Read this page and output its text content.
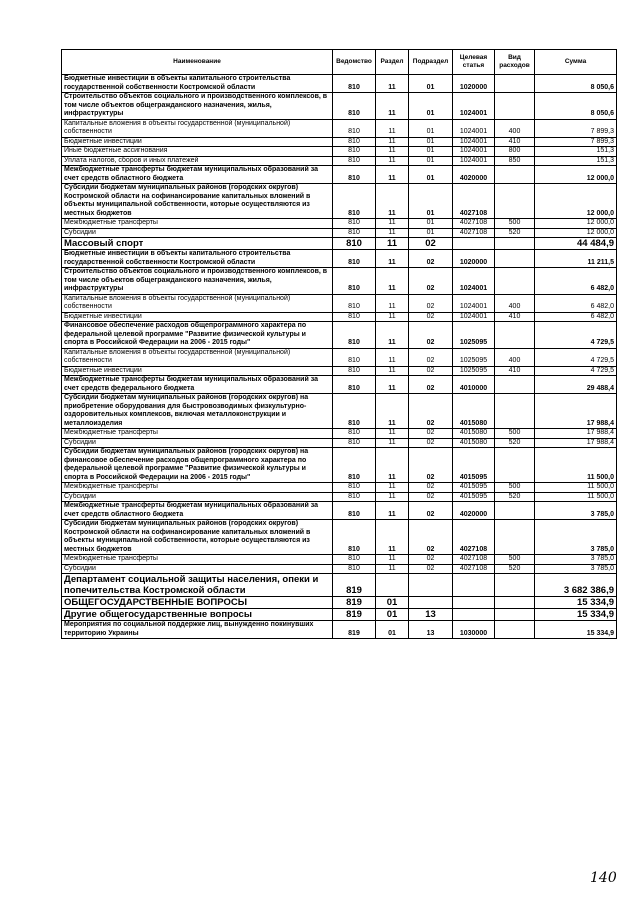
Наименование	Ведомство	Раздел	Подраздел	Целевая статья	Вид расходов	Сумма
Бюджетные инвестиции в объекты капитального строительства государственной собственности Костромской области	810	11	01	1020000		8 050,6
Строительство объектов социального и производственного комплексов, в том числе объектов общегражданского назначения, жилья, инфраструктуры	810	11	01	1024001		8 050,6
Капитальные вложения в объекты государственной (муниципальной) собственности	810	11	01	1024001	400	7 899,3
Бюджетные инвестиции	810	11	01	1024001	410	7 899,3
Иные бюджетные ассигнования	810	11	01	1024001	800	151,3
Уплата налогов, сборов и иных платежей	810	11	01	1024001	850	151,3
Межбюджетные трансферты бюджетам муниципальных образований за счет средств областного бюджета	810	11	01	4020000		12 000,0
Субсидии бюджетам муниципальных районов (городских округов) Костромской области на софинансирование капитальных вложений в объекты муниципальной собственности, которые осуществляются из местных бюджетов	810	11	01	4027108		12 000,0
Межбюджетные трансферты	810	11	01	4027108	500	12 000,0
Субсидии	810	11	01	4027108	520	12 000,0
Массовый спорт	810	11	02			44 484,9
Бюджетные инвестиции в объекты капитального строительства государственной собственности Костромской области	810	11	02	1020000		11 211,5
Строительство объектов социального и производственного комплексов, в том числе объектов общегражданского назначения, жилья, инфраструктуры	810	11	02	1024001		6 482,0
Капитальные вложения в объекты государственной (муниципальной) собственности	810	11	02	1024001	400	6 482,0
Бюджетные инвестиции	810	11	02	1024001	410	6 482,0
Финансовое обеспечение расходов общепрограммного характера по федеральной целевой программе "Развитие физической культуры и спорта в Российской Федерации на 2006 - 2015 годы"	810	11	02	1025095		4 729,5
Капитальные вложения в объекты государственной (муниципальной) собственности	810	11	02	1025095	400	4 729,5
Бюджетные инвестиции	810	11	02	1025095	410	4 729,5
Межбюджетные трансферты бюджетам муниципальных образований за счет средств федерального бюджета	810	11	02	4010000		29 488,4
Субсидии бюджетам муниципальных районов (городских округов) на приобретение оборудования для быстровозводимых физкультурно-оздоровительных комплексов, включая металлоконструкции и металлоизделия	810	11	02	4015080		17 988,4
Межбюджетные трансферты	810	11	02	4015080	500	17 988,4
Субсидии	810	11	02	4015080	520	17 988,4
Субсидии бюджетам муниципальных районов (городских округов) на финансовое обеспечение расходов общепрограммного характера по федеральной целевой программе "Развитие физической культуры и спорта в Российской Федерации на 2006 - 2015 годы"	810	11	02	4015095		11 500,0
Межбюджетные трансферты	810	11	02	4015095	500	11 500,0
Субсидии	810	11	02	4015095	520	11 500,0
Межбюджетные трансферты бюджетам муниципальных образований за счет средств областного бюджета	810	11	02	4020000		3 785,0
Субсидии бюджетам муниципальных районов (городских округов) Костромской области на софинансирование капитальных вложений в объекты муниципальной собственности, которые осуществляются из местных бюджетов	810	11	02	4027108		3 785,0
Межбюджетные трансферты	810	11	02	4027108	500	3 785,0
Субсидии	810	11	02	4027108	520	3 785,0
Департамент социальной защиты населения, опеки и попечительства Костромской области	819					3 682 386,9
ОБЩЕГОСУДАРСТВЕННЫЕ ВОПРОСЫ	819	01				15 334,9
Другие общегосударственные вопросы	819	01	13			15 334,9
Мероприятия по социальной поддержке лиц, вынужденно покинувших территорию Украины	819	01	13	1030000		15 334,9
140
